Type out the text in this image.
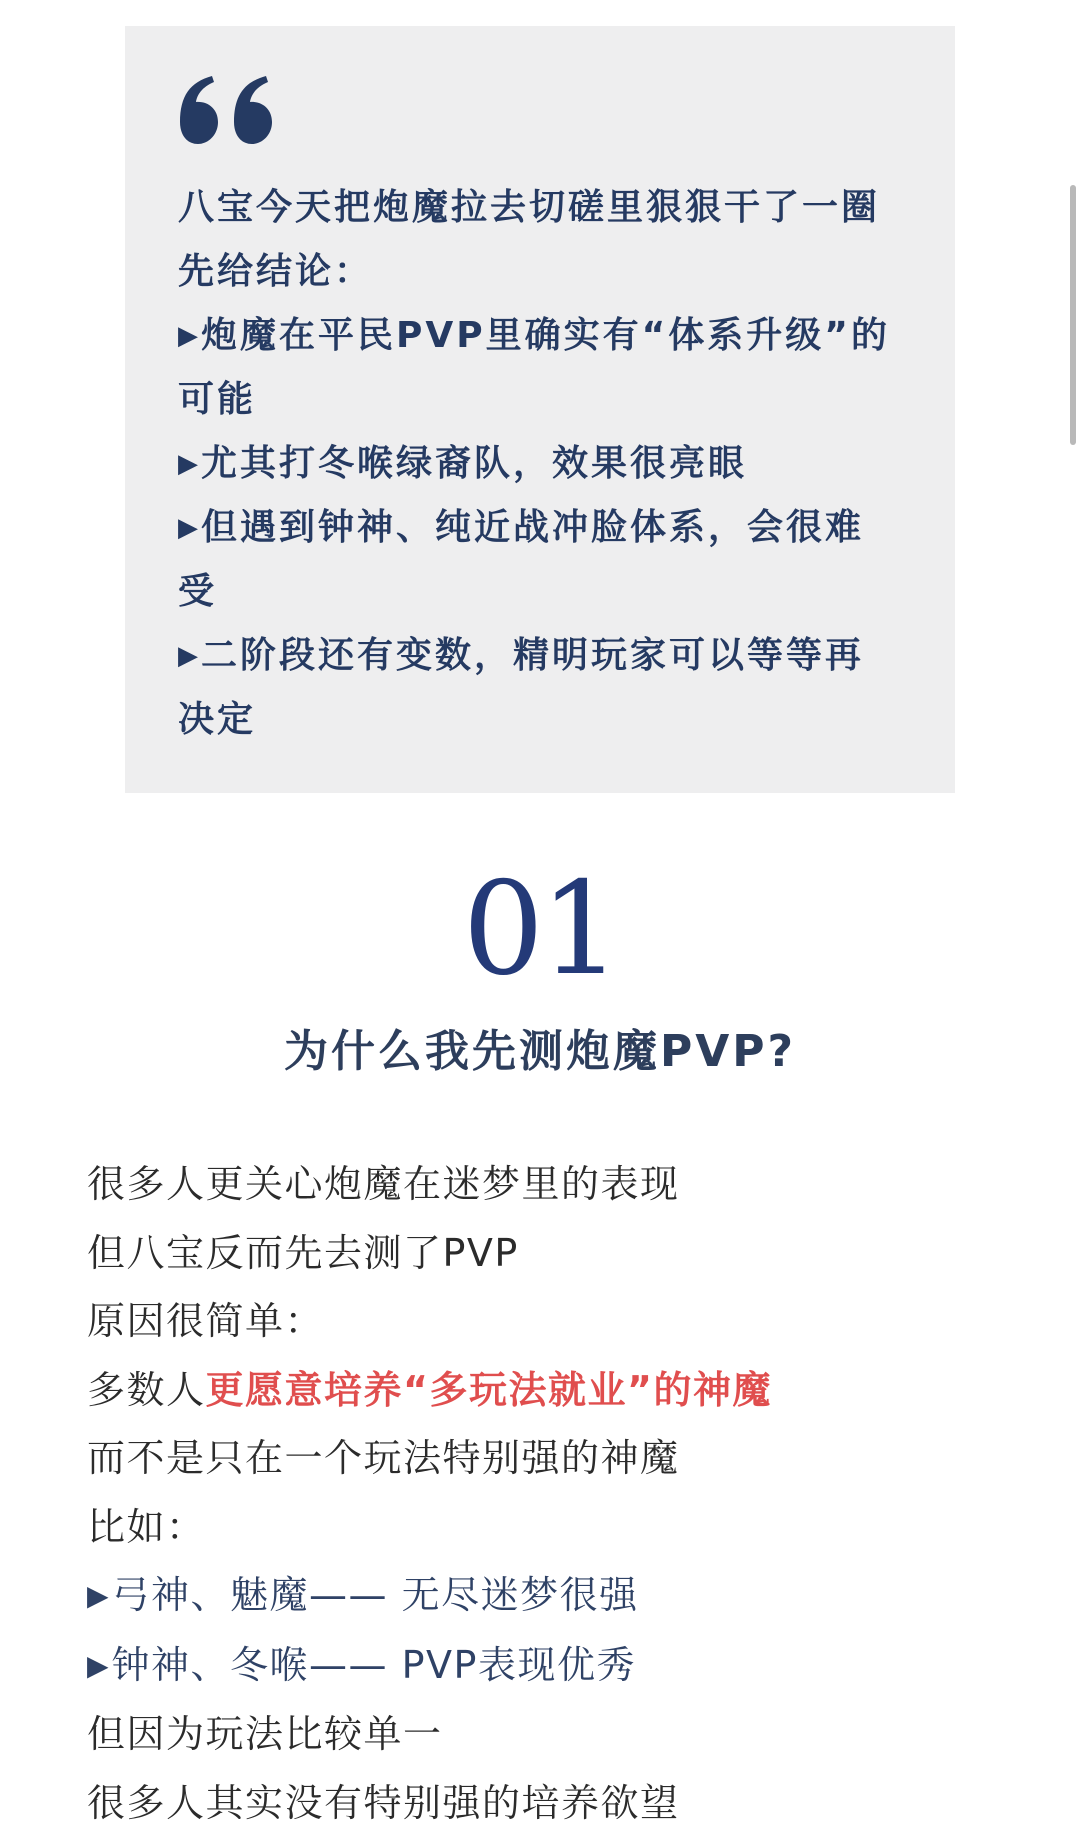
八宝今天把炮魔拉去切磋里狠狠干了一圈
先给结论：
▶炮魔在平民PVP里确实有“体系升级”的
可能
▶尤其打冬喉绿裔队，效果很亮眼
▶但遇到钟神、纯近战冲脸体系，会很难
受
▶二阶段还有变数，精明玩家可以等等再
决定
01
为什么我先测炮魔PVP?
很多人更关心炮魔在迷梦里的表现
但八宝反而先去测了PVP
原因很简单：
多数人更愿意培养“多玩法就业”的神魔
而不是只在一个玩法特别强的神魔
比如：
▶弓神、魅魔—— 无尽迷梦很强
▶钟神、冬喉—— PVP表现优秀
但因为玩法比较单一
很多人其实没有特别强的培养欲望
